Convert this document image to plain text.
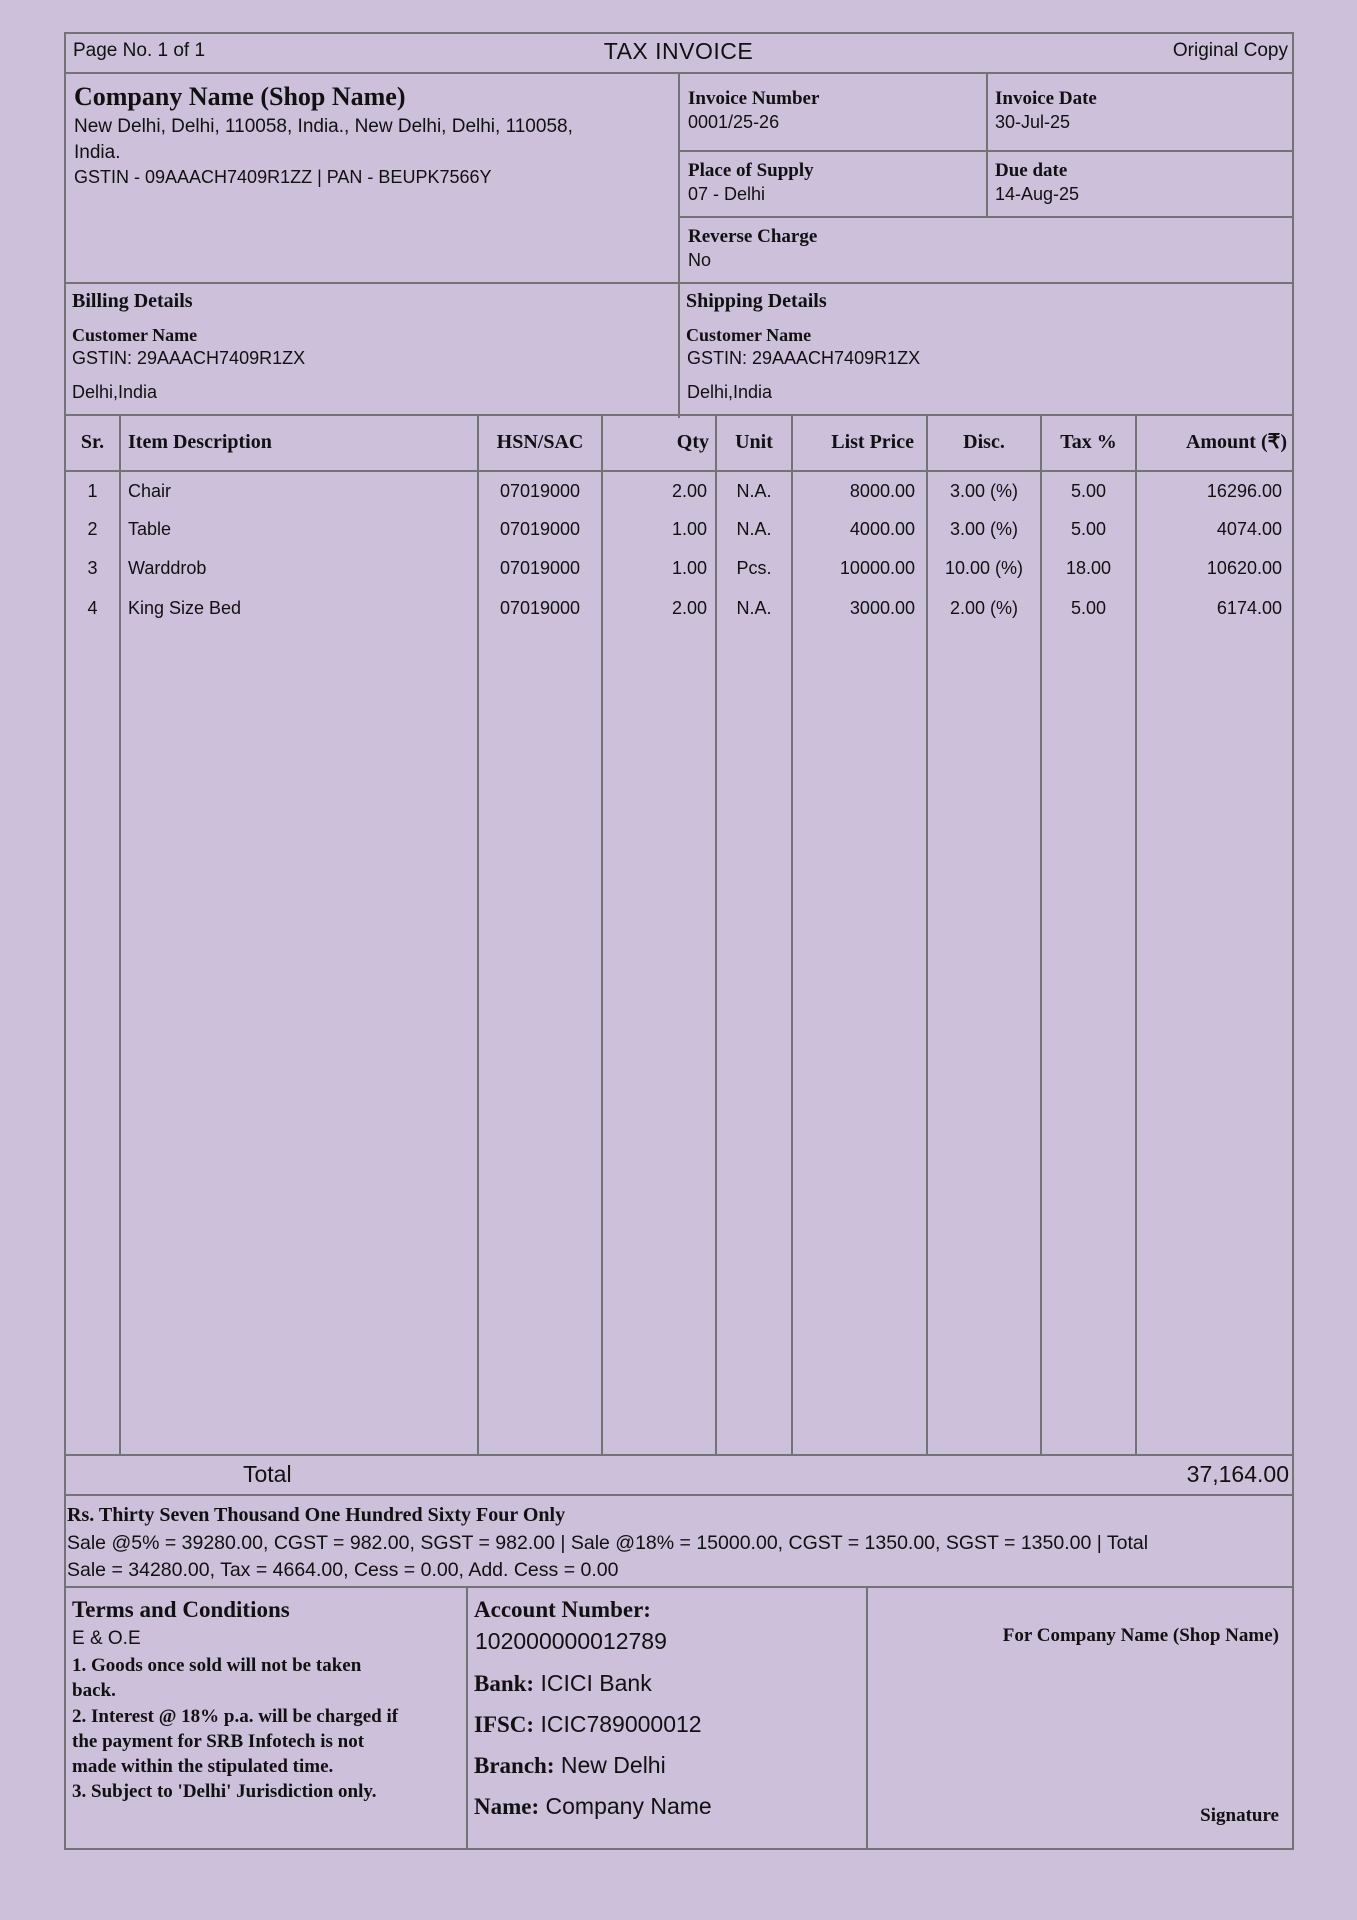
Page No. 1 of 1	TAX INVOICE	Original Copy
Company Name (Shop Name)
New Delhi, Delhi, 110058, India., New Delhi, Delhi, 110058,
India.
GSTIN - 09AAACH7409R1ZZ | PAN - BEUPK7566Y
Invoice Number
0001/25-26
Invoice Date
30-Jul-25
Place of Supply
07 - Delhi
Due date
14-Aug-25
Reverse Charge
No
Billing Details
Customer Name
GSTIN: 29AAACH7409R1ZX
Delhi,India
Shipping Details
Customer Name
GSTIN: 29AAACH7409R1ZX
Delhi,India
Sr.	Item Description	HSN/SAC	Qty	Unit	List Price	Disc.	Tax %	Amount (₹)
1	Chair	07019000	2.00	N.A.	8000.00	3.00 (%)	5.00	16296.00
2	Table	07019000	1.00	N.A.	4000.00	3.00 (%)	5.00	4074.00
3	Warddrob	07019000	1.00	Pcs.	10000.00	10.00 (%)	18.00	10620.00
4	King Size Bed	07019000	2.00	N.A.	3000.00	2.00 (%)	5.00	6174.00
Total	37,164.00
Rs. Thirty Seven Thousand One Hundred Sixty Four Only
Sale @5% = 39280.00, CGST = 982.00, SGST = 982.00 | Sale @18% = 15000.00, CGST = 1350.00, SGST = 1350.00 | Total
Sale = 34280.00, Tax = 4664.00, Cess = 0.00, Add. Cess = 0.00
Terms and Conditions
E & O.E
1. Goods once sold will not be taken
back.
2. Interest @ 18% p.a. will be charged if
the payment for SRB Infotech is not
made within the stipulated time.
3. Subject to 'Delhi' Jurisdiction only.
Account Number:
102000000012789
Bank: ICICI Bank
IFSC: ICIC789000012
Branch: New Delhi
Name: Company Name
For Company Name (Shop Name)
Signature
